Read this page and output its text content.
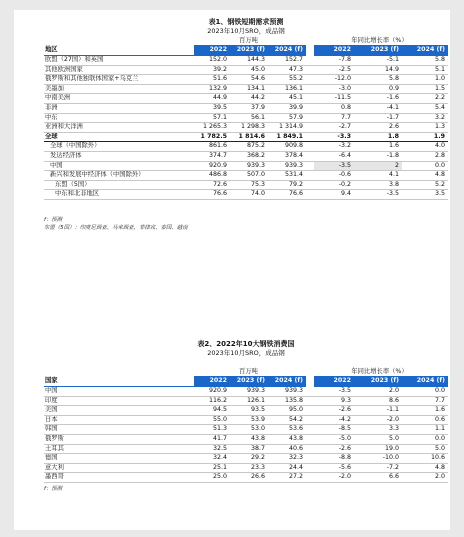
表1、钢铁短期需求预测
2023年10月SRO，成品钢
	百万吨				年同比增长率（%）		
地区	2022	2023 (f)	2024 (f)		2022	2023 (f)	2024 (f)
欧盟（27国）和英国	152.0	144.3	152.7		-7.8	-5.1	5.8
其他欧洲国家	39.2	45.0	47.3		-2.5	14.9	5.1
俄罗斯和其他独联体国家+乌克兰	51.6	54.6	55.2		-12.0	5.8	1.0
美墨加	132.9	134.1	136.1		-3.0	0.9	1.5
中南美洲	44.9	44.2	45.1		-11.5	-1.6	2.2
非洲	39.5	37.9	39.9		0.8	-4.1	5.4
中东	57.1	56.1	57.9		7.7	-1.7	3.2
亚洲和大洋洲	1 265.3	1 298.3	1 314.9		-2.7	2.6	1.3
全球	1 782.5	1 814.6	1 849.1		-3.3	1.8	1.9
全球（中国除外）	861.6	875.2	909.8		-3.2	1.6	4.0
发达经济体	374.7	368.2	378.4		-6.4	-1.8	2.8
中国	920.9	939.3	939.3		-3.5	2	0.0
新兴和发展中经济体（中国除外）	486.8	507.0	531.4		-0.6	4.1	4.8
东盟（5国）	72.6	75.3	79.2		-0.2	3.8	5.2
中东和北非地区	76.6	74.0	76.6		9.4	-3.5	3.5
f：预测
东盟（5国）：印度尼西亚、马来西亚、菲律宾、泰国、越南
表2、2022年10大钢铁消费国
2023年10月SRO，成品钢
	百万吨				年同比增长率（%）		
国家	2022	2023 (f)	2024 (f)		2022	2023 (f)	2024 (f)
中国	920.9	939.3	939.3		-3.5	2.0	0.0
印度	116.2	126.1	135.8		9.3	8.6	7.7
美国	94.5	93.5	95.0		-2.6	-1.1	1.6
日本	55.0	53.9	54.2		-4.2	-2.0	0.6
韩国	51.3	53.0	53.6		-8.5	3.3	1.1
俄罗斯	41.7	43.8	43.8		-5.0	5.0	0.0
土耳其	32.5	38.7	40.6		-2.6	19.0	5.0
德国	32.4	29.2	32.3		-8.8	-10.0	10.6
意大利	25.1	23.3	24.4		-5.6	-7.2	4.8
墨西哥	25.0	26.6	27.2		-2.0	6.6	2.0
f：预测
